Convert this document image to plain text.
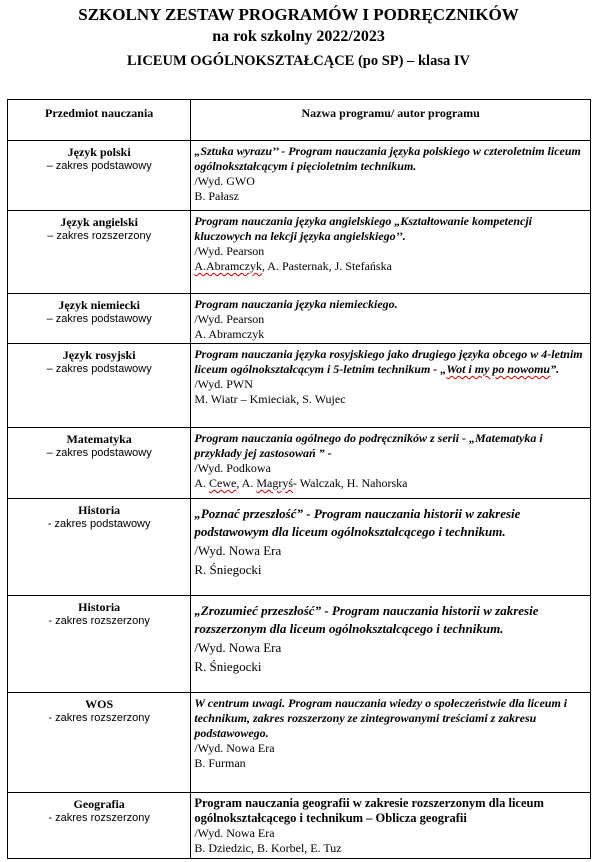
SZKOLNY ZESTAW PROGRAMÓW I PODRĘCZNIKÓW
na rok szkolny 2022/2023
LICEUM OGÓLNOKSZTAŁCĄCE (po SP) – klasa IV
Przedmiot nauczania	Nazwa programu/ autor programu

Język polski
– zakres podstawowy	„Sztuka wyrazu’’ - Program nauczania języka polskiego w czteroletnim liceum ogólnokształcącym i pięcioletnim technikum.
/Wyd. GWO
B. Pałasz

Język angielski
– zakres rozszerzony	Program nauczania języka angielskiego „Kształtowanie kompetencji kluczowych na lekcji języka angielskiego’’.
/Wyd. Pearson
A.Abramczyk, A. Pasternak, J. Stefańska

Język niemiecki
– zakres podstawowy	Program nauczania języka niemieckiego.
/Wyd. Pearson
A. Abramczyk

Język rosyjski
– zakres podstawowy	Program nauczania języka rosyjskiego jako drugiego języka obcego w 4-letnim liceum ogólnokształcącym i 5-letnim technikum - „Wot i my po nowomu”.
/Wyd. PWN
M. Wiatr – Kmieciak, S. Wujec

Matematyka
– zakres podstawowy	Program nauczania ogólnego do podręczników z serii - „Matematyka i przykłady jej zastosowań ” -
/Wyd. Podkowa
A. Cewe, A. Magryś- Walczak, H. Nahorska

Historia
- zakres podstawowy	„Poznać przeszłość” - Program nauczania historii w zakresie podstawowym dla liceum ogólnokształcącego i technikum.
/Wyd. Nowa Era
R. Śniegocki

Historia
- zakres rozszerzony	„Zrozumieć przeszłość” - Program nauczania historii w zakresie rozszerzonym dla liceum ogólnokształcącego i technikum.
/Wyd. Nowa Era
R. Śniegocki

WOS
- zakres rozszerzony	W centrum uwagi. Program nauczania wiedzy o społeczeństwie dla liceum i technikum, zakres rozszerzony ze zintegrowanymi treściami z zakresu podstawowego.
/Wyd. Nowa Era
B. Furman

Geografia
- zakres rozszerzony	Program nauczania geografii w zakresie rozszerzonym dla liceum ogólnokształcącego i technikum – Oblicza geografii
/Wyd. Nowa Era
B. Dziedzic, B. Korbel, E. Tuz
